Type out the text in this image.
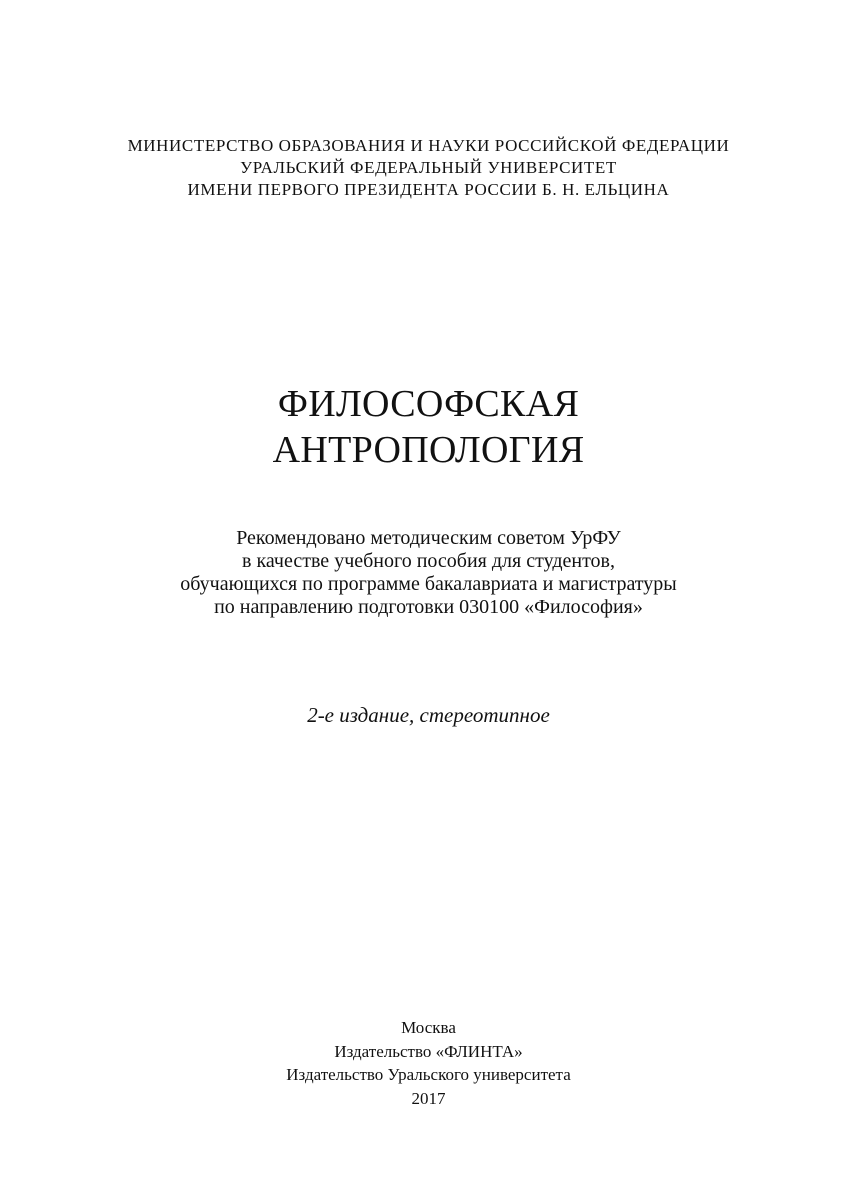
МИНИСТЕРСТВО ОБРАЗОВАНИЯ И НАУКИ РОССИЙСКОЙ ФЕДЕРАЦИИ
УРАЛЬСКИЙ ФЕДЕРАЛЬНЫЙ УНИВЕРСИТЕТ
ИМЕНИ ПЕРВОГО ПРЕЗИДЕНТА РОССИИ Б. Н. ЕЛЬЦИНА
ФИЛОСОФСКАЯ
АНТРОПОЛОГИЯ
Рекомендовано методическим советом УрФУ
в качестве учебного пособия для студентов,
обучающихся по программе бакалавриата и магистратуры
по направлению подготовки 030100 «Философия»
2-е издание, стереотипное
Москва
Издательство «ФЛИНТА»
Издательство Уральского университета
2017
